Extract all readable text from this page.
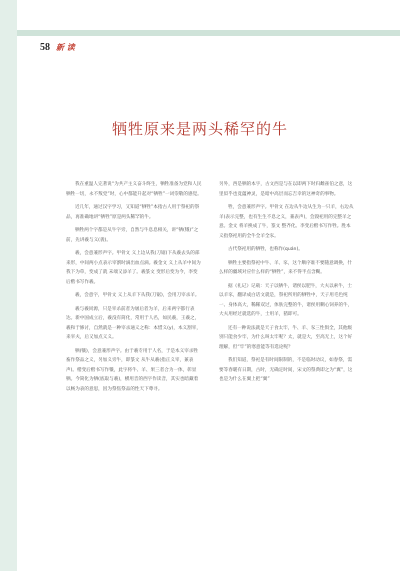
58 新 读
牺牲原来是两头稀罕的牛

我在重温人完著说“为共产主义奋斗终生，牺牲准备为党和人民牺牲一切，永不叛党”时，心中都能升起对“牺牲”一词崇敬的感觉。

近几年，通过汉字学习，又知道“牺牲”本指古人用于祭祀的祭品，再准确地讲“牺牲”原是两头稀罕的牛。

牺牲两个字都是从牛字旁，自然与牛息息相关，讲“牺(犧)”之前，先讲羲与义(義)。

羲，会意兼形声字。甲骨文 义上边从我(刀锯)下从羲去头的部来形，中间两小点表示宰割时滴出血点滴。羲金文 义上从羊中间为我下为草，变成了就 末端又添羊了。羲篆文 变形后变为今，李变后楷书写作羲。

羲，会意字，甲骨文 义上从羊下从我(刀锯)，会用刀宰杀羊。

羲与羲同源，只是宰杀前者为屠后者为羊，后来两字都行表达。新中国成立后，羲没有简化，常用于人名，如民羲，王羲之，羲和于修讨，自然就是一种宰杀通义之称：本惜义(y)，本义割宰，来宰夫，后又加点义义。

牺(犧)，会意兼形声字。由于羲专用于人名，于是本义宰杀牲畜作祭品之义，另加义旁牛，即篆文 从牛从羲(指正义宰，兼表声)。楷变后楷书写作犧，此字将牛、羊、果三者合为一体，彰显牺。今简化为牺(底取与羲)，横用音的西字作读音，其实也暗藏着以畅为表的意思，因为祭焦祭品的性天下尊寻。

另外，西是牺的本字，古文西是与在以即两下时归雌雀伯之意，这里似乎也竟蕴神灵，是暗中高层而忘吉幸的这神奇的事物。

牲，会意兼形声字。甲骨文 在边从牛边从生为一只羊，右边从羊(表示完整，也有生生不息之义，兼表声)，会毁祀用的完整羊之意。金文 将羊换成了牛，篆文 整齐化。李变后楷书写作牲。胜本义指祭祀用的全牛全羊全豕。

古代祭祀用的牺牲，也称作(quán)。

牺牲主要指祭祀中牛、羊、豕，这个顺序谁不要随意调换，什么样的疆域对应什么样的“牺牲”，来不得半点含糊。

据《礼记》记载：天子以牺牛，诸侯以肥牛，大夫以索牛，士以羊豕，翻译成白话文就是，祭祀所用的牺牲中，天子用毛色纯一、身体高大，稀稀双过，体肤完整的牛，诸侯用糊心饲养的牛，大夫用经过就选的牛，士用羊，猪即可。

还有一种说法就是天子食太牢，牛、羊、豕三性俱全，其他级别只能食少牢，为什么叫太牢呢？太，就是大，至高无上，这个好理解，但“牢”的寒意能等有选论呢？

我们知道，祭祀是有时间限制的，不是临时动议，如春祭，需要等春暖有日期，古时，无确定时间，宋文的祭典即之为“翼”，这也是为什么在翼上把“翼”
